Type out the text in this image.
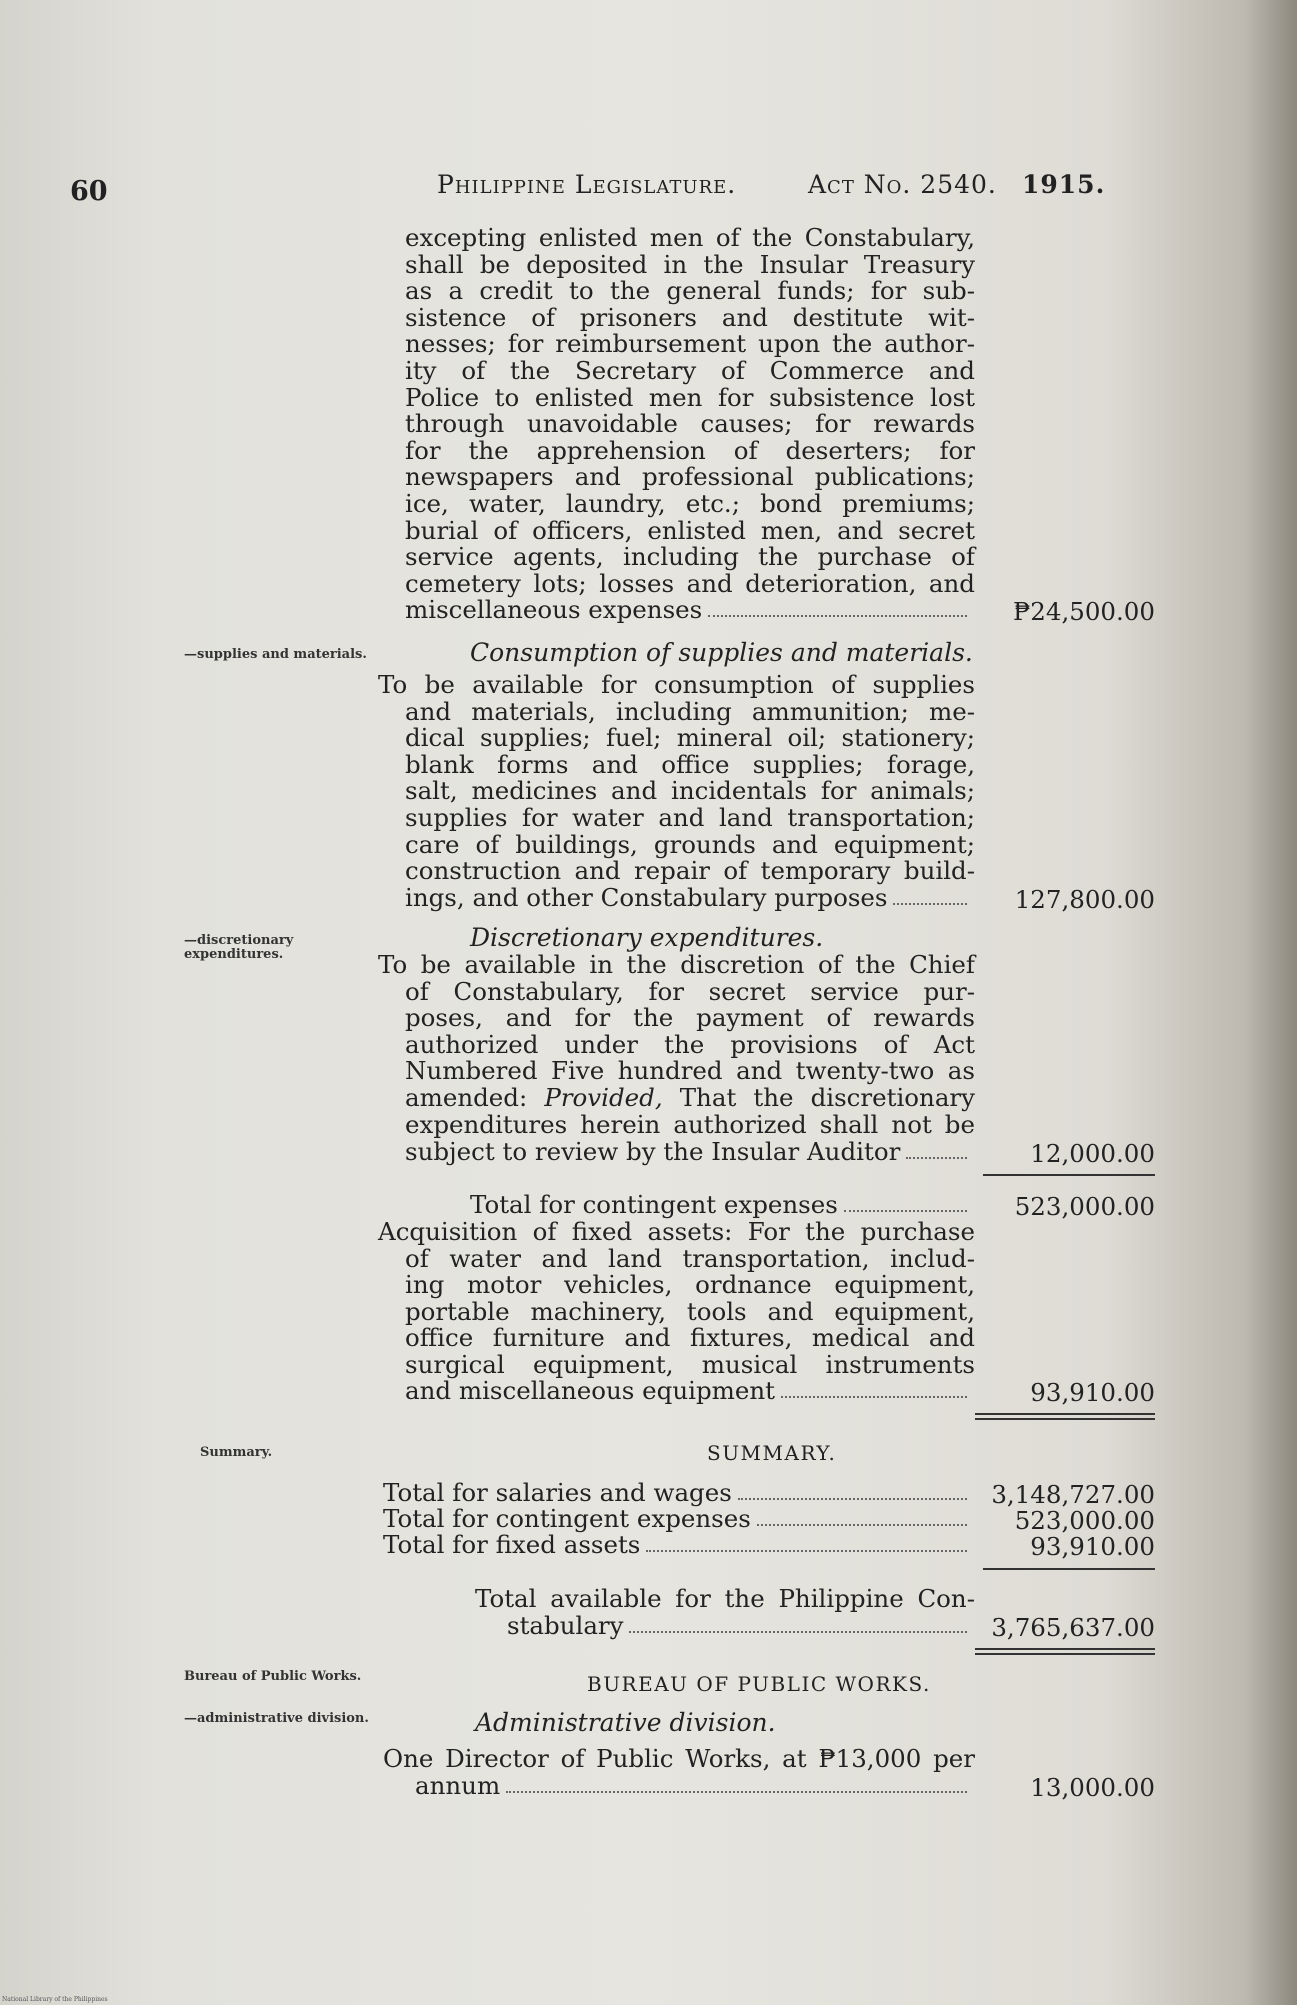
60	Philippine Legislature.	Act No. 2540. 1915.
excepting enlisted men of the Constabulary,
shall be deposited in the Insular Treasury
as a credit to the general funds; for sub-
sistence of prisoners and destitute wit-
nesses; for reimbursement upon the author-
ity of the Secretary of Commerce and
Police to enlisted men for subsistence lost
through unavoidable causes; for rewards
for the apprehension of deserters; for
newspapers and professional publications;
ice, water, laundry, etc.; bond premiums;
burial of officers, enlisted men, and secret
service agents, including the purchase of
cemetery lots; losses and deterioration, and
miscellaneous expenses	₱24,500.00
—supplies and materials.	Consumption of supplies and materials.
To be available for consumption of supplies
and materials, including ammunition; me-
dical supplies; fuel; mineral oil; stationery;
blank forms and office supplies; forage,
salt, medicines and incidentals for animals;
supplies for water and land transportation;
care of buildings, grounds and equipment;
construction and repair of temporary build-
ings, and other Constabulary purposes	127,800.00
—discretionary expenditures.
Discretionary expenditures.
To be available in the discretion of the Chief
of Constabulary, for secret service pur-
poses, and for the payment of rewards
authorized under the provisions of Act
Numbered Five hundred and twenty-two as
amended: Provided, That the discretionary
expenditures herein authorized shall not be
subject to review by the Insular Auditor	12,000.00
Total for contingent expenses	523,000.00
Acquisition of fixed assets: For the purchase
of water and land transportation, includ-
ing motor vehicles, ordnance equipment,
portable machinery, tools and equipment,
office furniture and fixtures, medical and
surgical equipment, musical instruments
and miscellaneous equipment	93,910.00
Summary.	SUMMARY.
Total for salaries and wages	3,148,727.00
Total for contingent expenses	523,000.00
Total for fixed assets	93,910.00
Total available for the Philippine Con-
stabulary	3,765,637.00
Bureau of Public Works.	BUREAU OF PUBLIC WORKS.
—administrative division.	Administrative division.
One Director of Public Works, at ₱13,000 per
annum	13,000.00
National Library of the Philippines
